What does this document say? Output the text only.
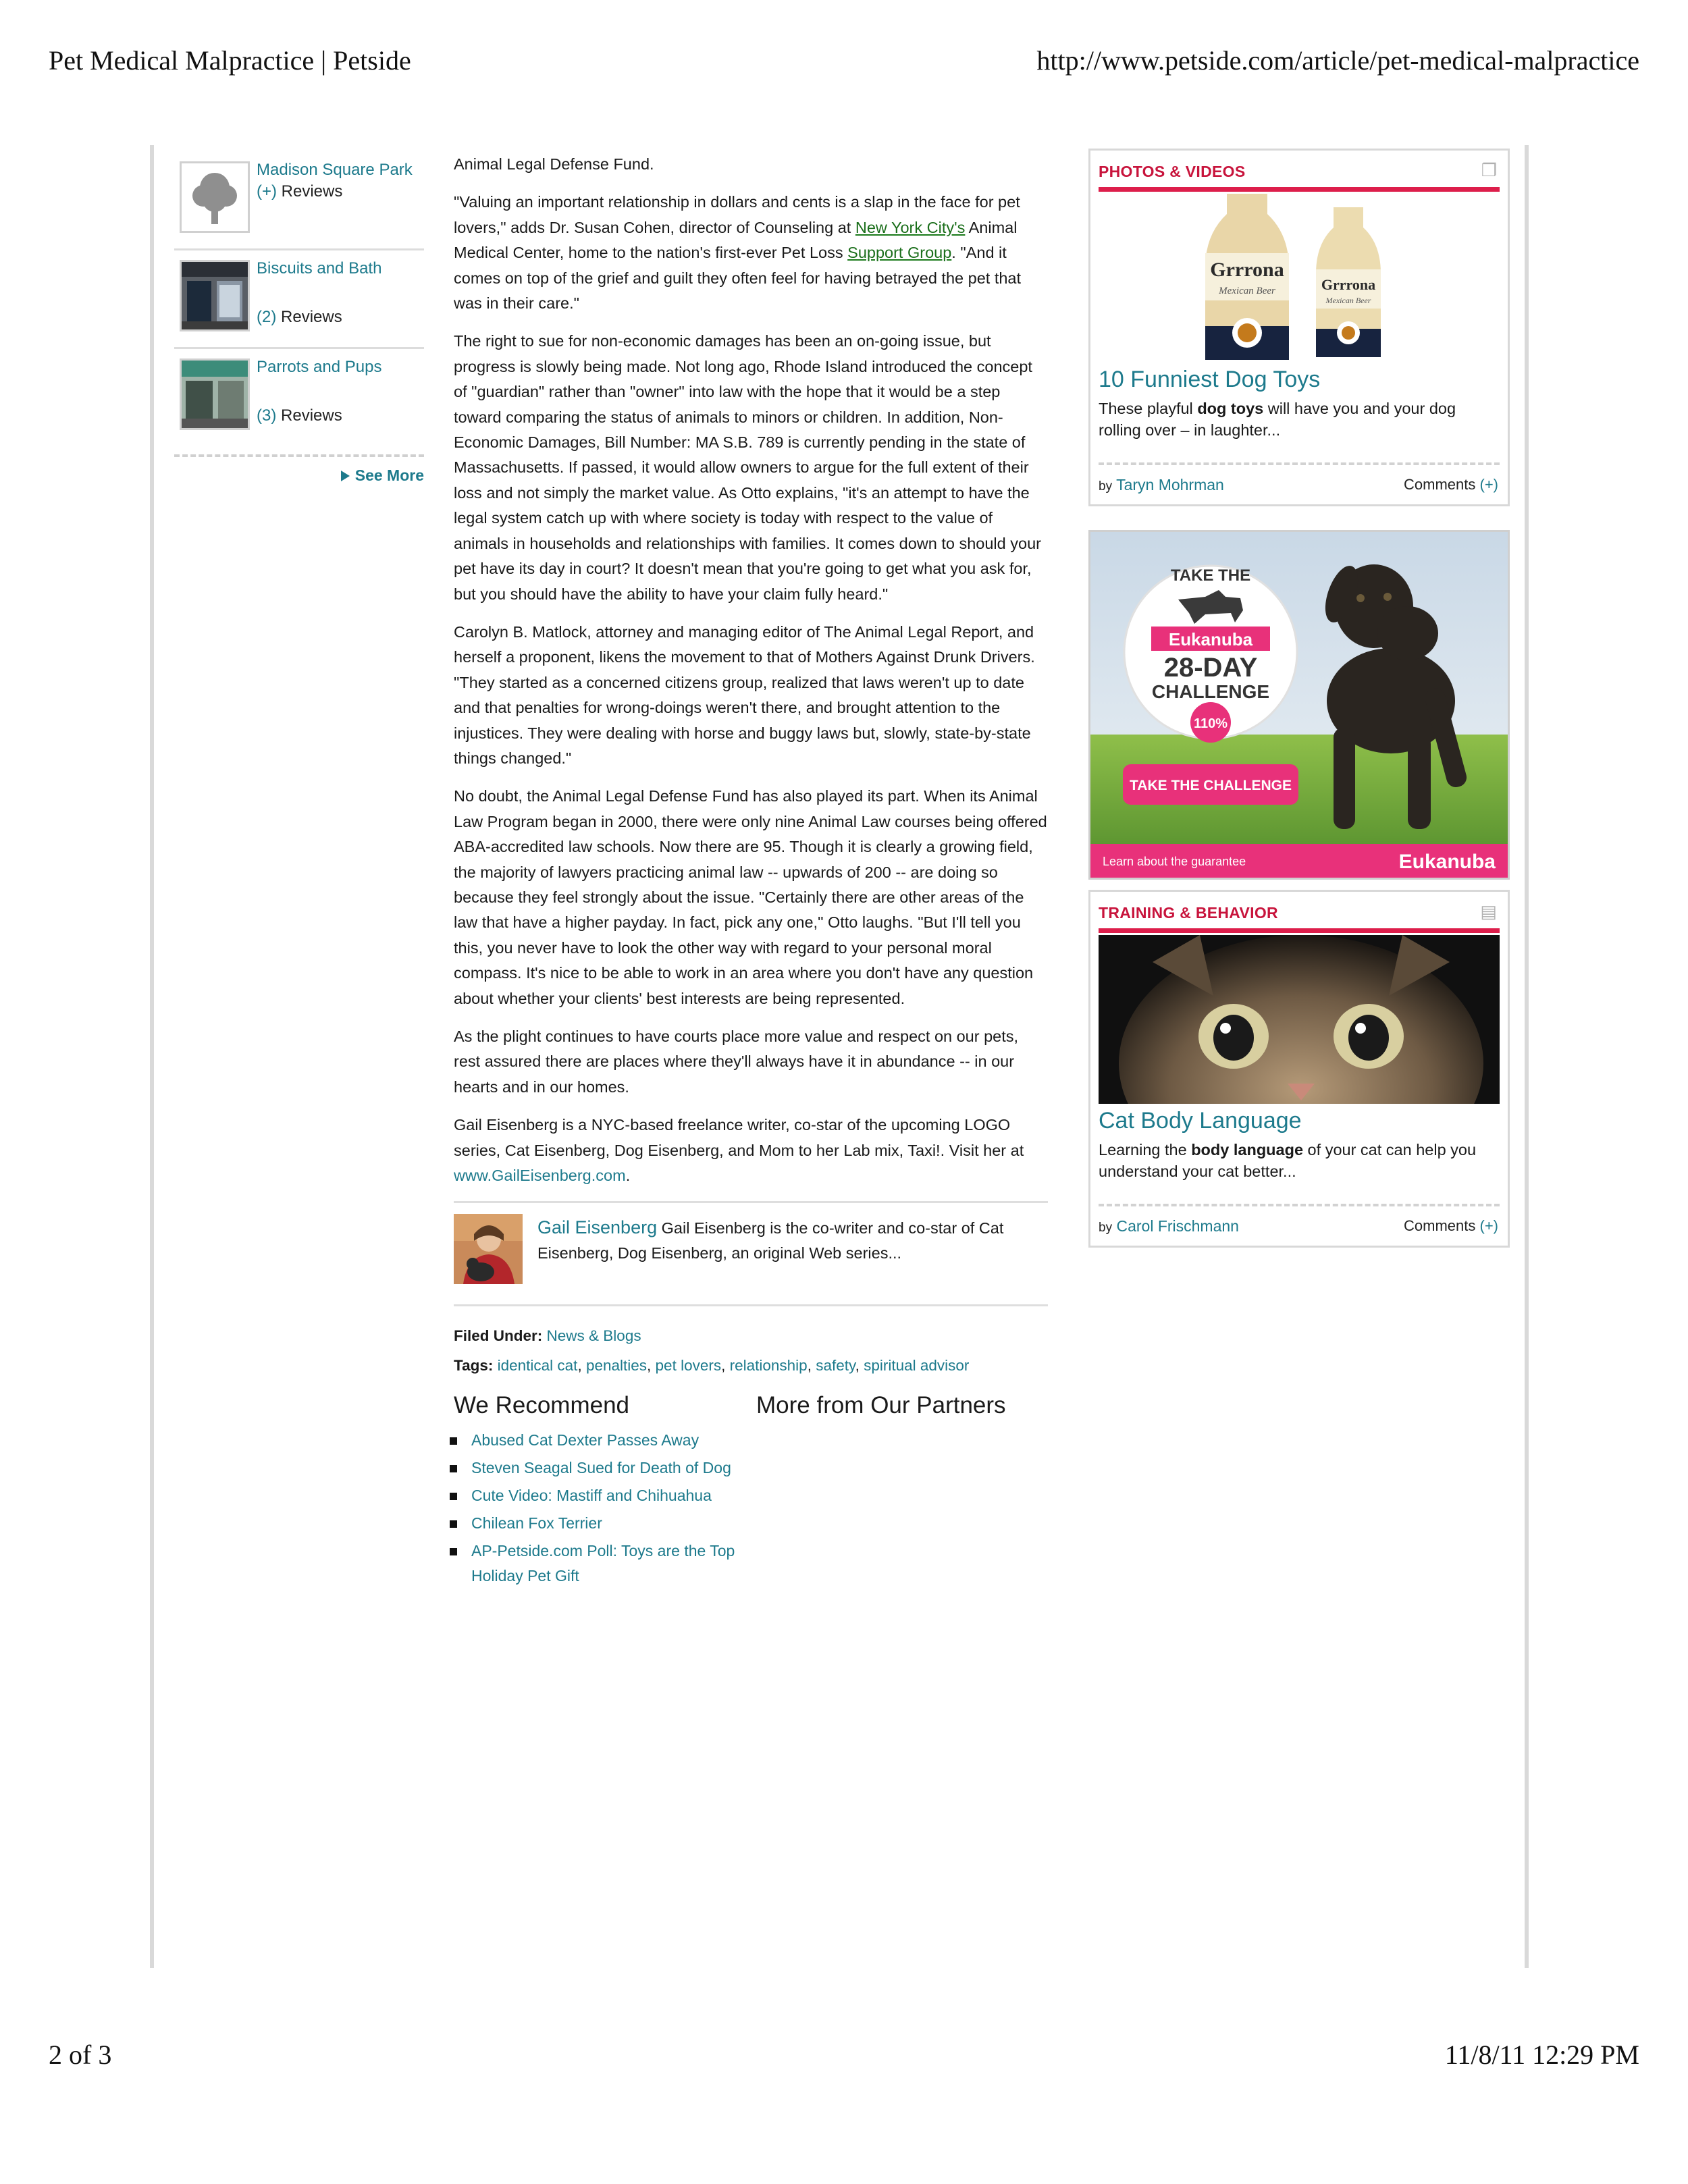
Pet Medical Malpractice | Petside	http://www.petside.com/article/pet-medical-malpractice
Madison Square Park
(+) Reviews
Biscuits and Bath
(2) Reviews
Parrots and Pups
(3) Reviews
See More

Animal Legal Defense Fund.

"Valuing an important relationship in dollars and cents is a slap in the face for pet lovers," adds Dr. Susan Cohen, director of Counseling at New York City's Animal Medical Center, home to the nation's first-ever Pet Loss Support Group. "And it comes on top of the grief and guilt they often feel for having betrayed the pet that was in their care."

The right to sue for non-economic damages has been an on-going issue, but progress is slowly being made. Not long ago, Rhode Island introduced the concept of "guardian" rather than "owner" into law with the hope that it would be a step toward comparing the status of animals to minors or children. In addition, Non-Economic Damages, Bill Number: MA S.B. 789 is currently pending in the state of Massachusetts. If passed, it would allow owners to argue for the full extent of their loss and not simply the market value. As Otto explains, "it's an attempt to have the legal system catch up with where society is today with respect to the value of animals in households and relationships with families. It comes down to should your pet have its day in court? It doesn't mean that you're going to get what you ask for, but you should have the ability to have your claim fully heard."

Carolyn B. Matlock, attorney and managing editor of The Animal Legal Report, and herself a proponent, likens the movement to that of Mothers Against Drunk Drivers. "They started as a concerned citizens group, realized that laws weren't up to date and that penalties for wrong-doings weren't there, and brought attention to the injustices. They were dealing with horse and buggy laws but, slowly, state-by-state things changed."

No doubt, the Animal Legal Defense Fund has also played its part. When its Animal Law Program began in 2000, there were only nine Animal Law courses being offered ABA-accredited law schools. Now there are 95. Though it is clearly a growing field, the majority of lawyers practicing animal law -- upwards of 200 -- are doing so because they feel strongly about the issue. "Certainly there are other areas of the law that have a higher payday. In fact, pick any one," Otto laughs. "But I'll tell you this, you never have to look the other way with regard to your personal moral compass. It's nice to be able to work in an area where you don't have any question about whether your clients' best interests are being represented.

As the plight continues to have courts place more value and respect on our pets, rest assured there are places where they'll always have it in abundance -- in our hearts and in our homes.

Gail Eisenberg is a NYC-based freelance writer, co-star of the upcoming LOGO series, Cat Eisenberg, Dog Eisenberg, and Mom to her Lab mix, Taxi!. Visit her at www.GailEisenberg.com.

Gail Eisenberg Gail Eisenberg is the co-writer and co-star of Cat Eisenberg, Dog Eisenberg, an original Web series...
Filed Under: News & Blogs
Tags: identical cat, penalties, pet lovers, relationship, safety, spiritual advisor
We Recommend
Abused Cat Dexter Passes Away
Steven Seagal Sued for Death of Dog
Cute Video: Mastiff and Chihuahua
Chilean Fox Terrier
AP-Petside.com Poll: Toys are the Top Holiday Pet Gift
More from Our Partners
PHOTOS & VIDEOS	❐
Grrrona
Mexican Beer	Grrrona
Mexican Beer
10 Funniest Dog Toys
These playful dog toys will have you and your dog rolling over – in laughter...
by Taryn Mohrman	Comments (+)
TAKE THE
Eukanuba
28-DAY
CHALLENGE
110%
TAKE THE CHALLENGE
Learn about the guarantee	Eukanuba
TRAINING & BEHAVIOR	▤
Cat Body Language
Learning the body language of your cat can help you understand your cat better...
by Carol Frischmann	Comments (+)
2 of 3	11/8/11 12:29 PM
